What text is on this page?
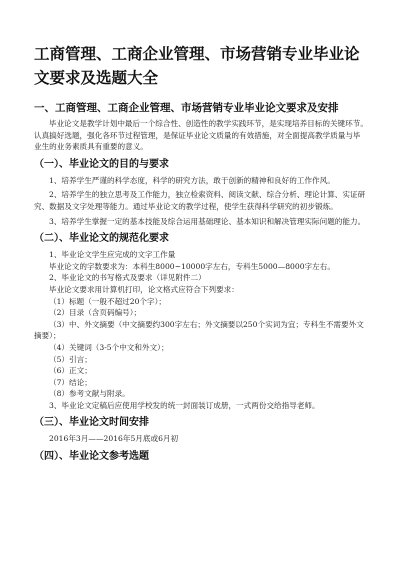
工商管理、工商企业管理、市场营销专业毕业论文要求及选题大全
一、工商管理、工商企业管理、市场营销专业毕业论文要求及安排

毕业论文是教学计划中最后一个综合性、创造性的教学实践环节，是实现培养目标的关键环节。认真搞好选题，强化各环节过程管理，是保证毕业论文质量的有效措施，对全面提高教学质量与毕业生的业务素质具有重要的意义。

（一）、毕业论文的目的与要求

1、培养学生严谨的科学态度，科学的研究方法，敢于创新的精神和良好的工作作风。

2、培养学生的独立思考及工作能力，独立检索资料、阅读文献、综合分析、理论计算、实证研究、数据及文字处理等能力。通过毕业论文的教学过程，使学生获得科学研究的初步锻炼。

3、培养学生掌握一定的基本技能及综合运用基础理论、基本知识和解决管理实际问题的能力。

（二）、毕业论文的规范化要求

1、毕业论文学生应完成的文字工作量

毕业论文的字数要求为：本科生8000~10000字左右，专科生5000—8000字左右。

2、毕业论文的书写格式及要求（详见附件二）

毕业论文要求用计算机打印，论文格式应符合下列要求：

（1）标题（一般不超过20个字）；

（2）目录（含页码编号）；

（3）中、外文摘要（中文摘要约300字左右；外文摘要以250个实词为宜；专科生不需要外文摘要）；

（4）关键词（3-5个中文和外文）；

（5）引言；

（6）正文；

（7）结论；

（8）参考文献与附录。

3、毕业论文定稿后应使用学校发的统一封面装订成册，一式两份交给指导老师。

（三）、毕业论文时间安排

2016年3月——2016年5月底或6月初

（四）、毕业论文参考选题
